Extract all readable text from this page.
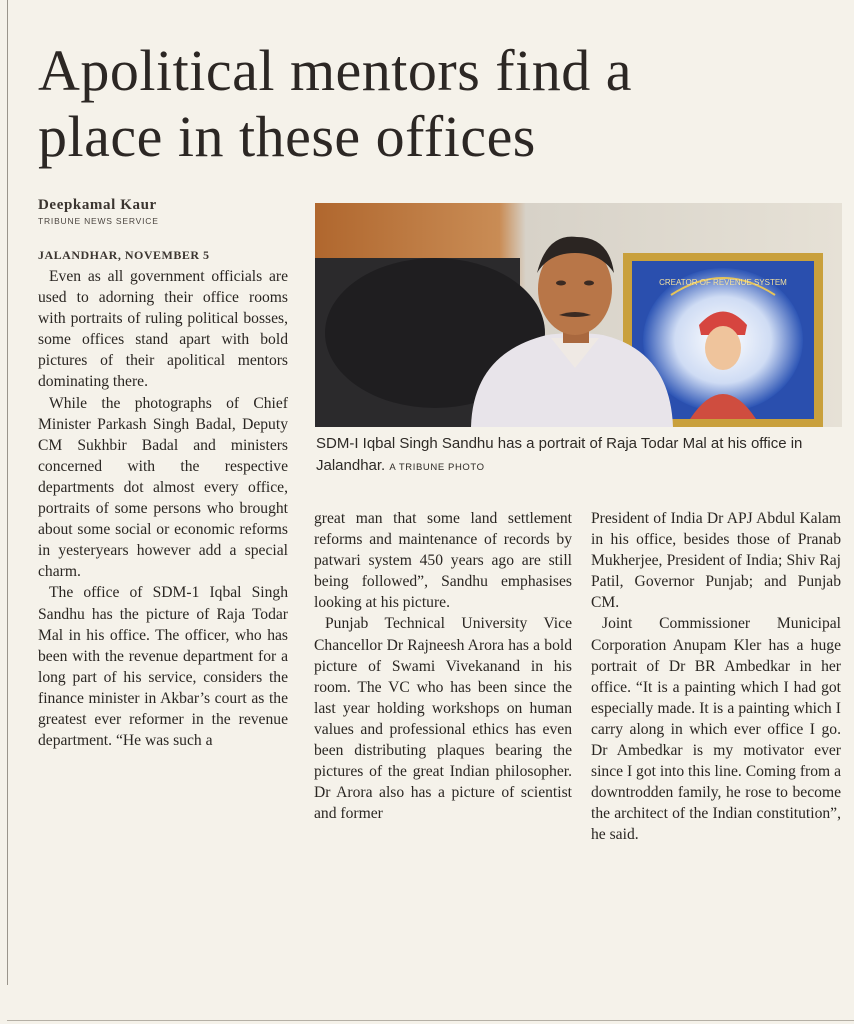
Apolitical mentors find a
place in these offices
Deepkamal Kaur
TRIBUNE NEWS SERVICE
JALANDHAR, NOVEMBER 5

Even as all government officials are used to adorning their office rooms with portraits of ruling political bosses, some offices stand apart with bold pictures of their apolitical mentors dominating there.

While the photographs of Chief Minister Parkash Singh Badal, Deputy CM Sukhbir Badal and ministers concerned with the respective departments dot almost every office, portraits of some persons who brought about some social or economic reforms in yesteryears however add a special charm.

The office of SDM-1 Iqbal Singh Sandhu has the picture of Raja Todar Mal in his office. The officer, who has been with the revenue department for a long part of his service, considers the finance minister in Akbar’s court as the greatest ever reformer in the revenue department. “He was such a

CREATOR OF REVENUE SYSTEM
SDM-I Iqbal Singh Sandhu has a portrait of Raja Todar Mal at his office in Jalandhar. A TRIBUNE PHOTO

great man that some land settlement reforms and maintenance of records by patwari system 450 years ago are still being followed”, Sandhu emphasises looking at his picture.

Punjab Technical University Vice Chancellor Dr Rajneesh Arora has a bold picture of Swami Vivekanand in his room. The VC who has been since the last year holding workshops on human values and professional ethics has even been distributing plaques bearing the pictures of the great Indian philosopher. Dr Arora also has a picture of scientist and former

President of India Dr APJ Abdul Kalam in his office, besides those of Pranab Mukherjee, President of India; Shiv Raj Patil, Governor Punjab; and Punjab CM.

Joint Commissioner Municipal Corporation Anupam Kler has a huge portrait of Dr BR Ambedkar in her office. “It is a painting which I had got especially made. It is a painting which I carry along in which ever office I go. Dr Ambedkar is my motivator ever since I got into this line. Coming from a downtrodden family, he rose to become the architect of the Indian constitution”, he said.
